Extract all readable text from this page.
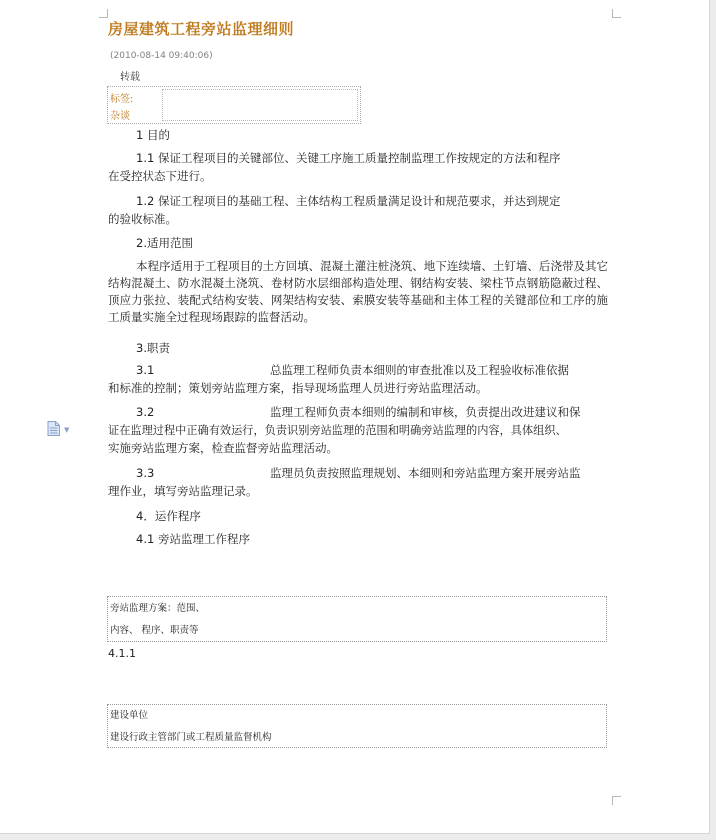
房屋建筑工程旁站监理细则
(2010-08-14 09:40:06)
转载
标签:
杂谈
1 目的
1.1 保证工程项目的关键部位、关键工序施工质量控制监理工作按规定的方法和程序
在受控状态下进行。
1.2 保证工程项目的基础工程、主体结构工程质量满足设计和规范要求，并达到规定
的验收标准。
2.适用范围
本程序适用于工程项目的土方回填、混凝土灌注桩浇筑、地下连续墙、土钉墙、后浇带及其它结构混凝土、防水混凝土浇筑、卷材防水层细部构造处理、钢结构安装、梁柱节点钢筋隐蔽过程、顶应力张拉、装配式结构安装、网架结构安装、索膜安装等基础和主体工程的关键部位和工序的施工质量实施全过程现场跟踪的监督活动。
3.职责
3.1	总监理工程师负责本细则的审查批准以及工程验收标准依据
和标准的控制；策划旁站监理方案，指导现场监理人员进行旁站监理活动。
3.2	监理工程师负责本细则的编制和审核，负责提出改进建议和保
证在监理过程中正确有效运行，负责识别旁站监理的范围和明确旁站监理的内容，具体组织、
实施旁站监理方案，检查监督旁站监理活动。
3.3	监理员负责按照监理规划、本细则和旁站监理方案开展旁站监
理作业，填写旁站监理记录。
4．运作程序
4.1 旁站监理工作程序
▼
旁站监理方案：范围、
内容、 程序、职责等
4.1.1
建设单位
建设行政主管部门或工程质量监督机构
